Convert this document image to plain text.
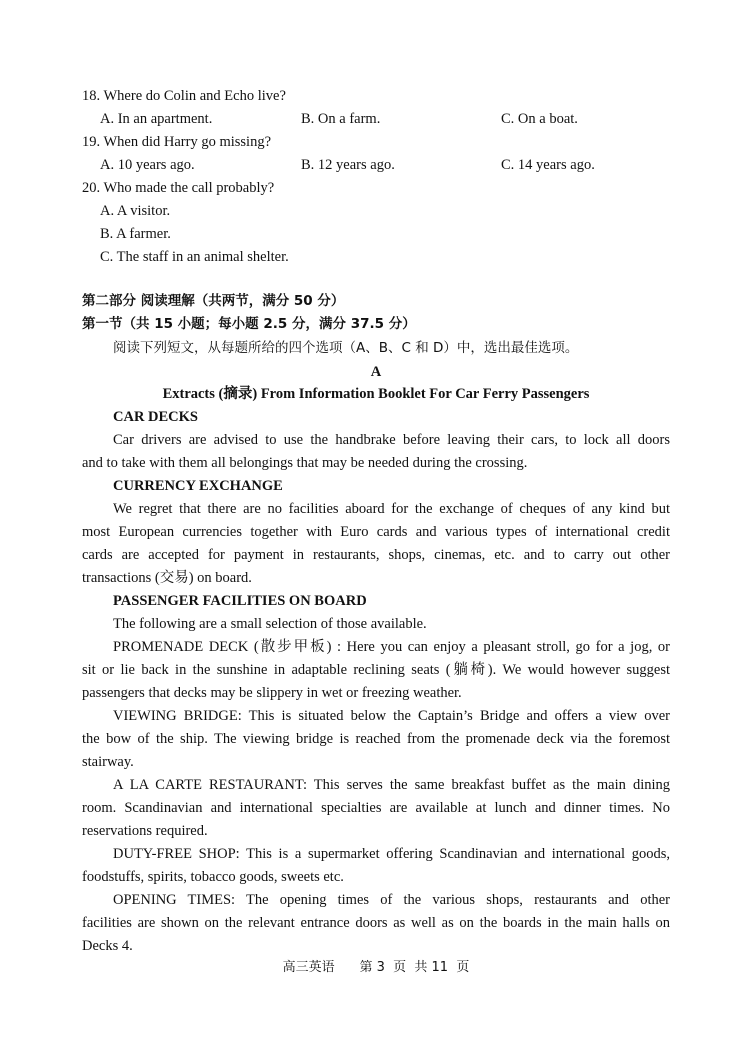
18. Where do Colin and Echo live?
A. In an apartment.	B. On a farm.	C. On a boat.
19. When did Harry go missing?
A. 10 years ago.	B. 12 years ago.	C. 14 years ago.
20. Who made the call probably?
A. A visitor.
B. A farmer.
C. The staff in an animal shelter.
第二部分 阅读理解（共两节，满分 50 分）
第一节（共 15 小题；每小题 2.5 分，满分 37.5 分）
阅读下列短文，从每题所给的四个选项（A、B、C 和 D）中，选出最佳选项。
A
Extracts (摘录) From Information Booklet For Car Ferry Passengers
CAR DECKS
Car drivers are advised to use the handbrake before leaving their cars, to lock all doors
and to take with them all belongings that may be needed during the crossing.
CURRENCY EXCHANGE
We regret that there are no facilities aboard for the exchange of cheques of any kind but
most European currencies together with Euro cards and various types of international credit
cards are accepted for payment in restaurants, shops, cinemas, etc. and to carry out other
transactions (交易) on board.
PASSENGER FACILITIES ON BOARD
The following are a small selection of those available.
PROMENADE DECK (散步甲板) : Here you can enjoy a pleasant stroll, go for a jog, or
sit or lie back in the sunshine in adaptable reclining seats (躺椅). We would however suggest
passengers that decks may be slippery in wet or freezing weather.
VIEWING BRIDGE: This is situated below the Captain’s Bridge and offers a view over
the bow of the ship. The viewing bridge is reached from the promenade deck via the foremost
stairway.
A LA CARTE RESTAURANT: This serves the same breakfast buffet as the main dining
room. Scandinavian and international specialties are available at lunch and dinner times. No
reservations required.
DUTY-FREE SHOP: This is a supermarket offering Scandinavian and international goods,
foodstuffs, spirits, tobacco goods, sweets etc.
OPENING TIMES: The opening times of the various shops, restaurants and other
facilities are shown on the relevant entrance doors as well as on the boards in the main halls on
Decks 4.
高三英语      第 3  页  共 11  页
